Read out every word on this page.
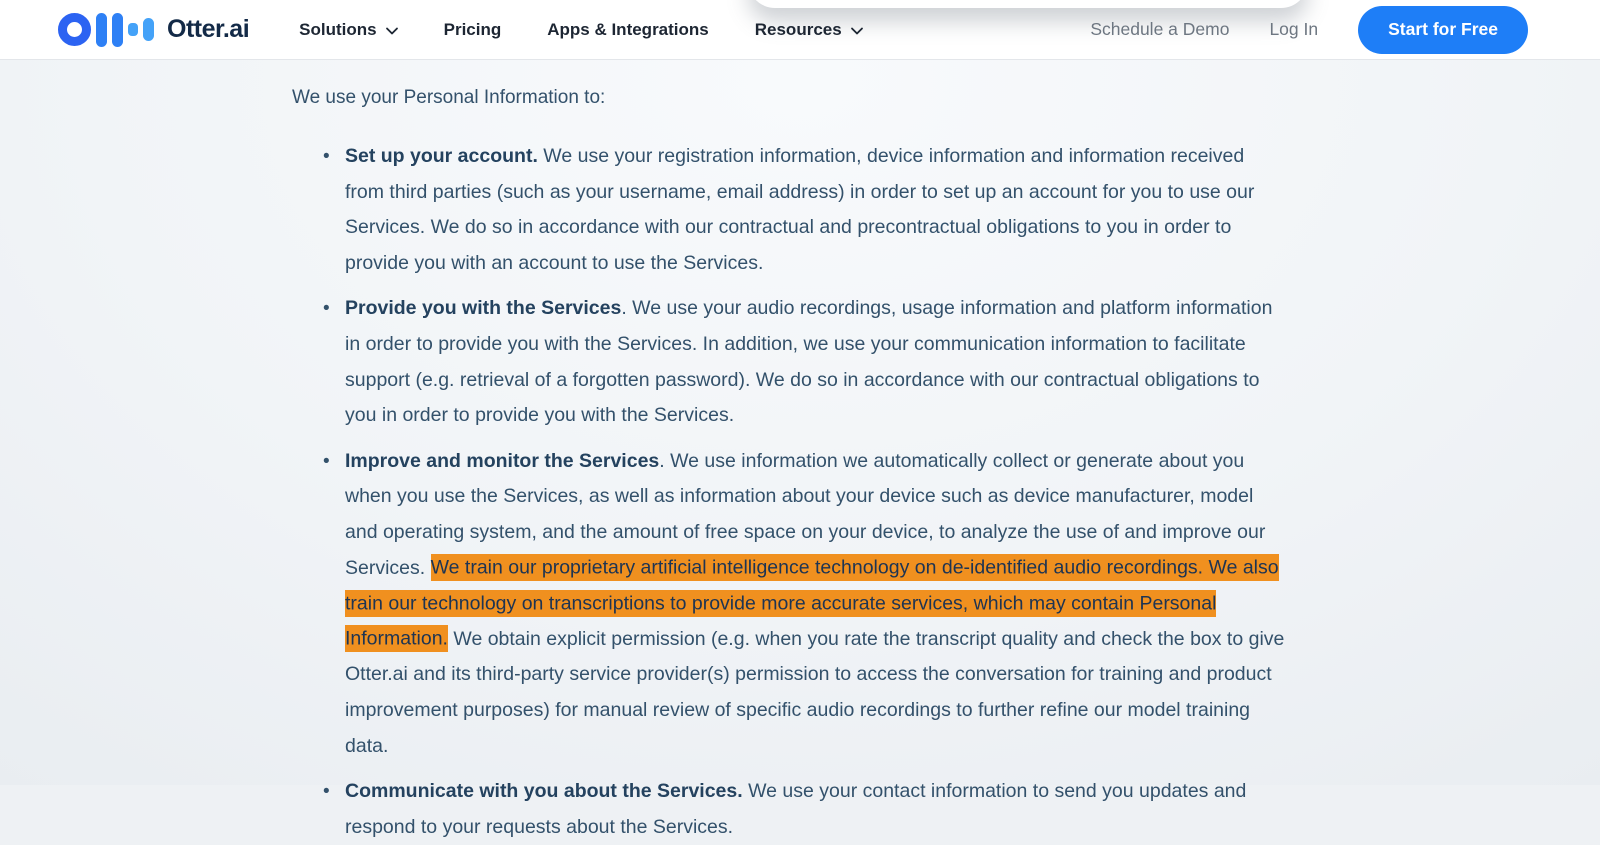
Otter.ai	Solutions	Pricing	Apps & Integrations	Resources	Schedule a Demo Log In	Start for Free

We use your Personal Information to:

• Set up your account. We use your registration information, device information and information received from third parties (such as your username, email address) in order to set up an account for you to use our Services. We do so in accordance with our contractual and precontractual obligations to you in order to provide you with an account to use the Services.
• Provide you with the Services. We use your audio recordings, usage information and platform information in order to provide you with the Services. In addition, we use your communication information to facilitate support (e.g. retrieval of a forgotten password). We do so in accordance with our contractual obligations to you in order to provide you with the Services.
• Improve and monitor the Services. We use information we automatically collect or generate about you when you use the Services, as well as information about your device such as device manufacturer, model and operating system, and the amount of free space on your device, to analyze the use of and improve our Services. We train our proprietary artificial intelligence technology on de-identified audio recordings. We also train our technology on transcriptions to provide more accurate services, which may contain Personal Information. We obtain explicit permission (e.g. when you rate the transcript quality and check the box to give Otter.ai and its third-party service provider(s) permission to access the conversation for training and product improvement purposes) for manual review of specific audio recordings to further refine our model training data.
• Communicate with you about the Services. We use your contact information to send you updates and respond to your requests about the Services.
